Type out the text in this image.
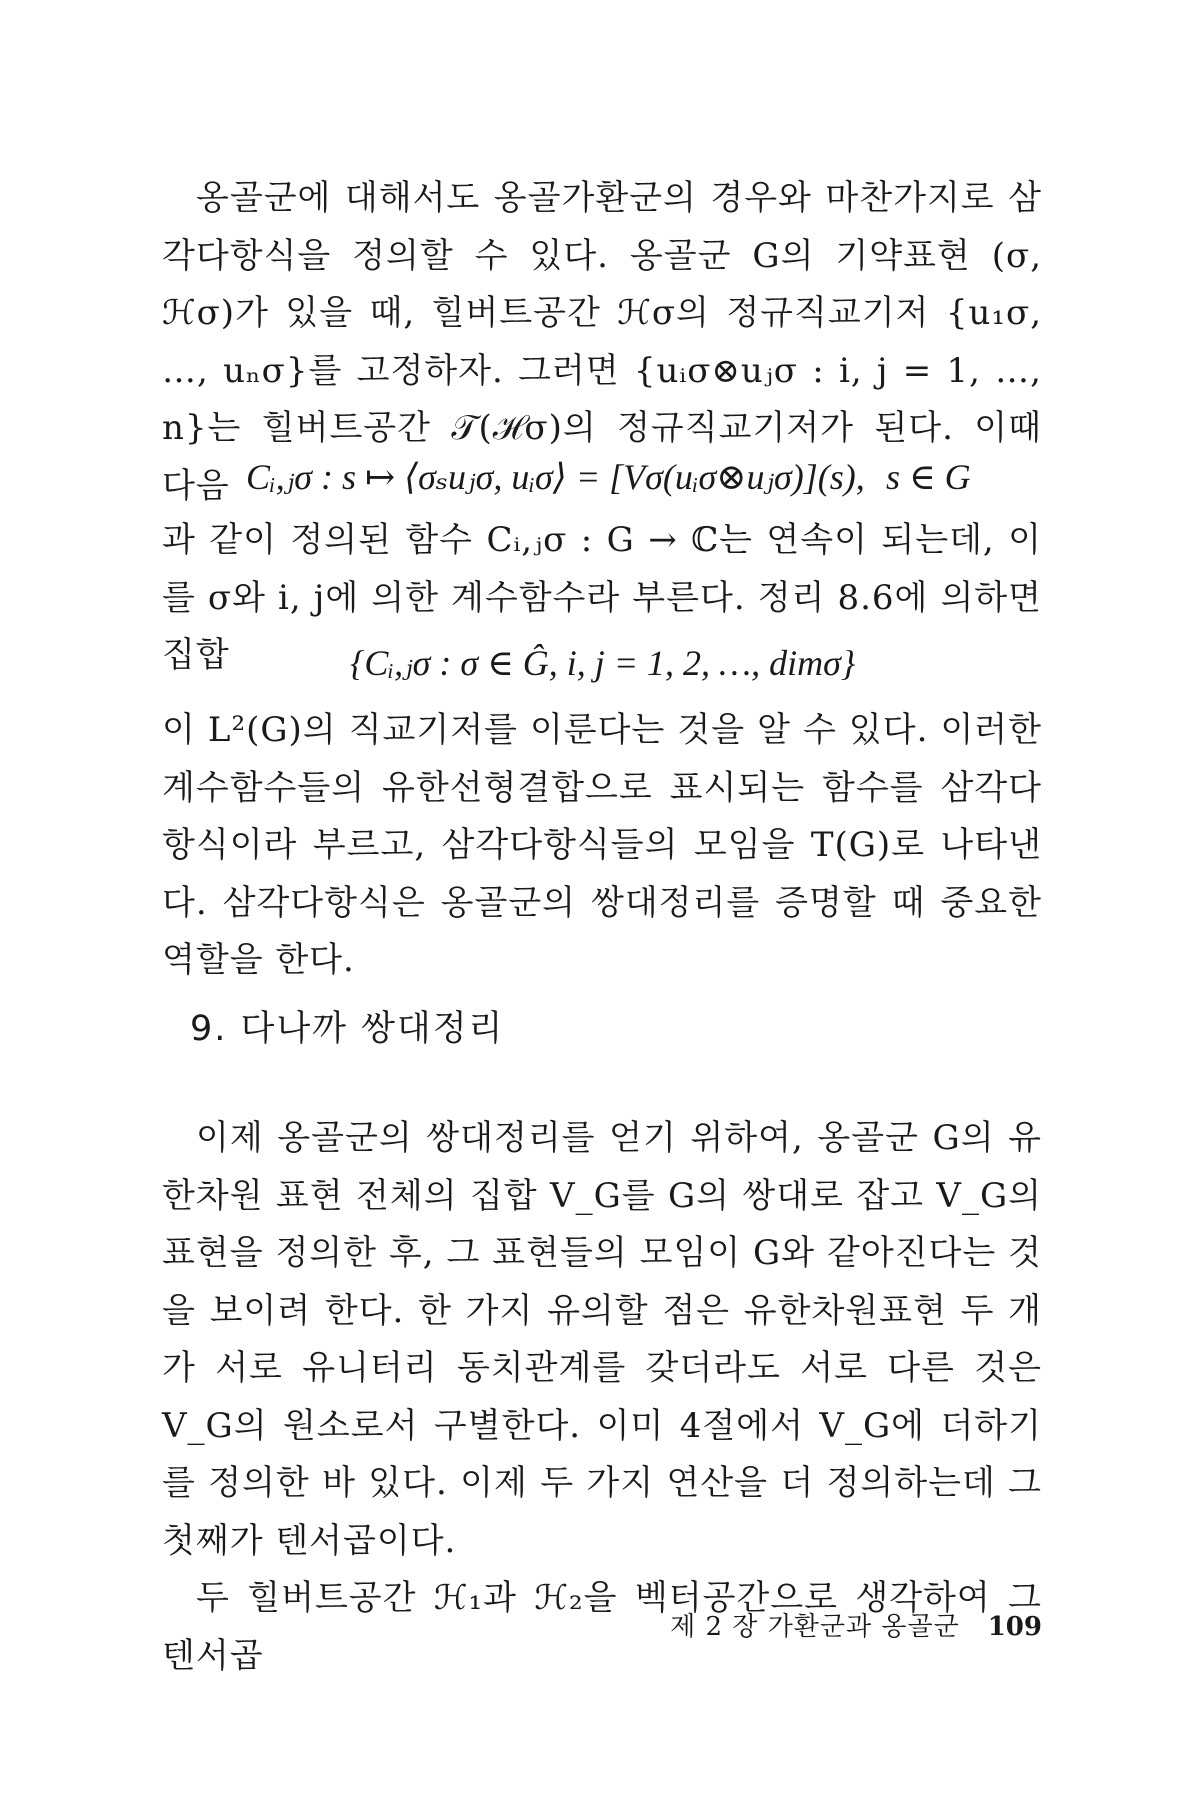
옹골군에 대해서도 옹골가환군의 경우와 마찬가지로 삼각다항식을 정의할 수 있다. 옹골군 G의 기약표현 (σ, ℋσ)가 있을 때, 힐버트공간 ℋσ의 정규직교기저 {u₁σ, …, uₙσ}를 고정하자. 그러면 {uᵢσ⊗uⱼσ : i, j = 1, …, n}는 힐버트공간 𝒯(ℋσ)의 정규직교기저가 된다. 이때 다음 Cᵢ,ⱼσ : s ↦ ⟨σₛuⱼσ, uᵢσ⟩ = [Vσ(uᵢσ⊗uⱼσ)](s), s ∈ G

과 같이 정의된 함수 Cᵢ,ⱼσ : G → ℂ는 연속이 되는데, 이를 σ와 i, j에 의한 계수함수라 부른다. 정리 8.6에 의하면 집합	{Cᵢ,ⱼσ : σ ∈ Ĝ, i, j = 1, 2, …, dimσ}

이 L²(G)의 직교기저를 이룬다는 것을 알 수 있다. 이러한 계수함수들의 유한선형결합으로 표시되는 함수를 삼각다항식이라 부르고, 삼각다항식들의 모임을 T(G)로 나타낸다. 삼각다항식은 옹골군의 쌍대정리를 증명할 때 중요한 역할을 한다.

9. 다나까 쌍대정리

이제 옹골군의 쌍대정리를 얻기 위하여, 옹골군 G의 유한차원 표현 전체의 집합 V_G를 G의 쌍대로 잡고 V_G의 표현을 정의한 후, 그 표현들의 모임이 G와 같아진다는 것을 보이려 한다. 한 가지 유의할 점은 유한차원표현 두 개가 서로 유니터리 동치관계를 갖더라도 서로 다른 것은 V_G의 원소로서 구별한다. 이미 4절에서 V_G에 더하기를 정의한 바 있다. 이제 두 가지 연산을 더 정의하는데 그 첫째가 텐서곱이다.

두 힐버트공간 ℋ₁과 ℋ₂을 벡터공간으로 생각하여 그 텐서곱

제 2 장 가환군과 옹골군 109
